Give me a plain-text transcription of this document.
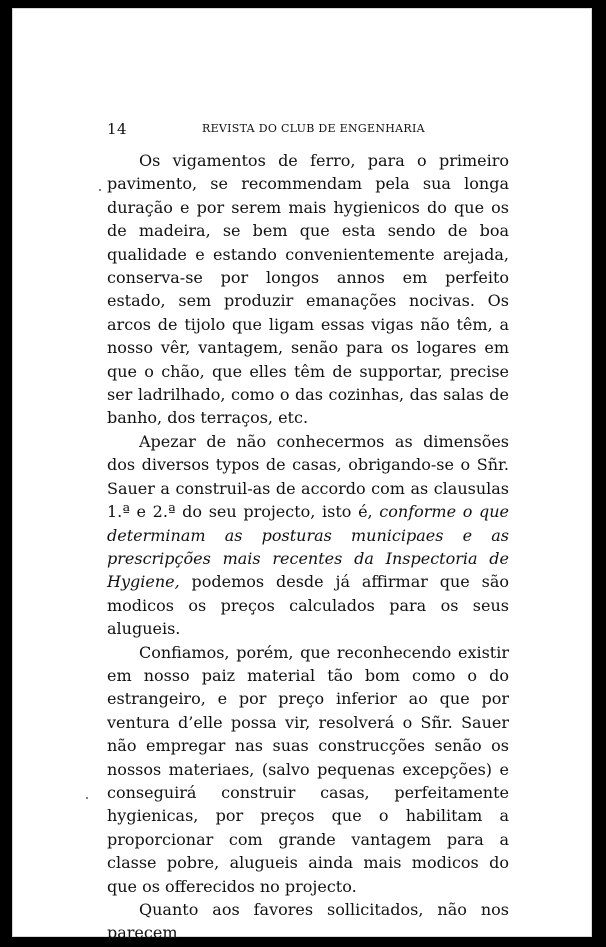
14	REVISTA DO CLUB DE ENGENHARIA

Os vigamentos de ferro, para o primeiro pavimento, se recommendam pela sua longa duração e por serem mais hygienicos do que os de madeira, se bem que esta sendo de boa qualidade e estando convenientemente arejada, conserva-se por longos annos em perfeito estado, sem produzir emanações nocivas. Os arcos de tijolo que ligam essas vigas não têm, a nosso vêr, vantagem, senão para os logares em que o chão, que elles têm de supportar, precise ser ladrilhado, como o das cozinhas, das salas de banho, dos terraços, etc.

Apezar de não conhecermos as dimensões dos diversos typos de casas, obrigando-se o Sñr. Sauer a construil-as de accordo com as clausulas 1.ª e 2.ª do seu projecto, isto é, conforme o que determinam as posturas municipaes e as prescripções mais recentes da Inspectoria de Hygiene, podemos desde já affirmar que são modicos os preços calculados para os seus alugueis.

Confiamos, porém, que reconhecendo existir em nosso paiz material tão bom como o do estrangeiro, e por preço inferior ao que por ventura d’elle possa vir, resolverá o Sñr. Sauer não empregar nas suas construcções senão os nossos materiaes, (salvo pequenas excepções) e conseguirá construir casas, perfeitamente hygienicas, por preços que o habilitam a proporcionar com grande vantagem para a classe pobre, alugueis ainda mais modicos do que os offerecidos no projecto.

Quanto aos favores sollicitados, não nos parecem
